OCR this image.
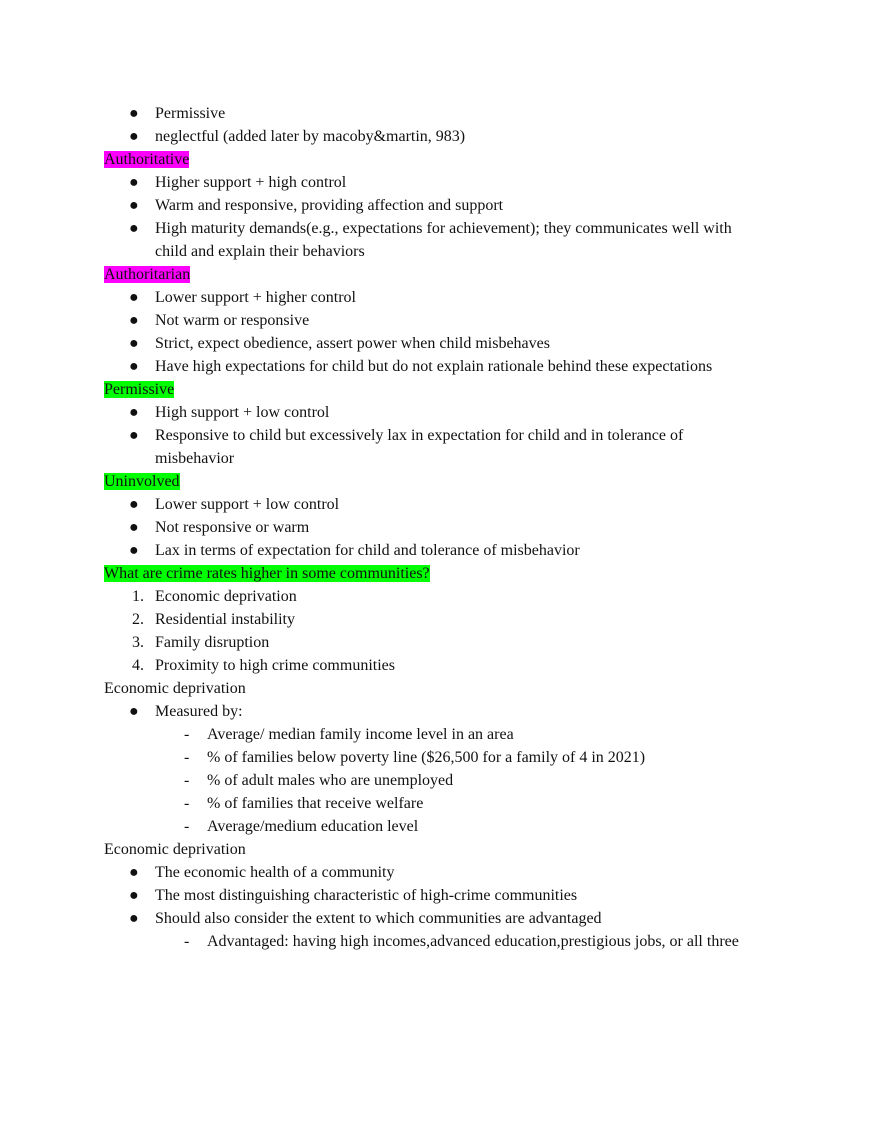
● Permissive
● neglectful (added later by macoby&martin, 983)
Authoritative
● Higher support + high control
● Warm and responsive, providing affection and support
● High maturity demands(e.g., expectations for achievement); they communicates well with child and explain their behaviors
Authoritarian
● Lower support + higher control
● Not warm or responsive
● Strict, expect obedience, assert power when child misbehaves
● Have high expectations for child but do not explain rationale behind these expectations
Permissive
● High support + low control
● Responsive to child but excessively lax in expectation for child and in tolerance of misbehavior
Uninvolved
● Lower support + low control
● Not responsive or warm
● Lax in terms of expectation for child and tolerance of misbehavior
What are crime rates higher in some communities?
1. Economic deprivation
2. Residential instability
3. Family disruption
4. Proximity to high crime communities
Economic deprivation
● Measured by:
- Average/ median family income level in an area
- % of families below poverty line ($26,500 for a family of 4 in 2021)
- % of adult males who are unemployed
- % of families that receive welfare
- Average/medium education level
Economic deprivation
● The economic health of a community
● The most distinguishing characteristic of high-crime communities
● Should also consider the extent to which communities are advantaged
- Advantaged: having high incomes,advanced education,prestigious jobs, or all three
